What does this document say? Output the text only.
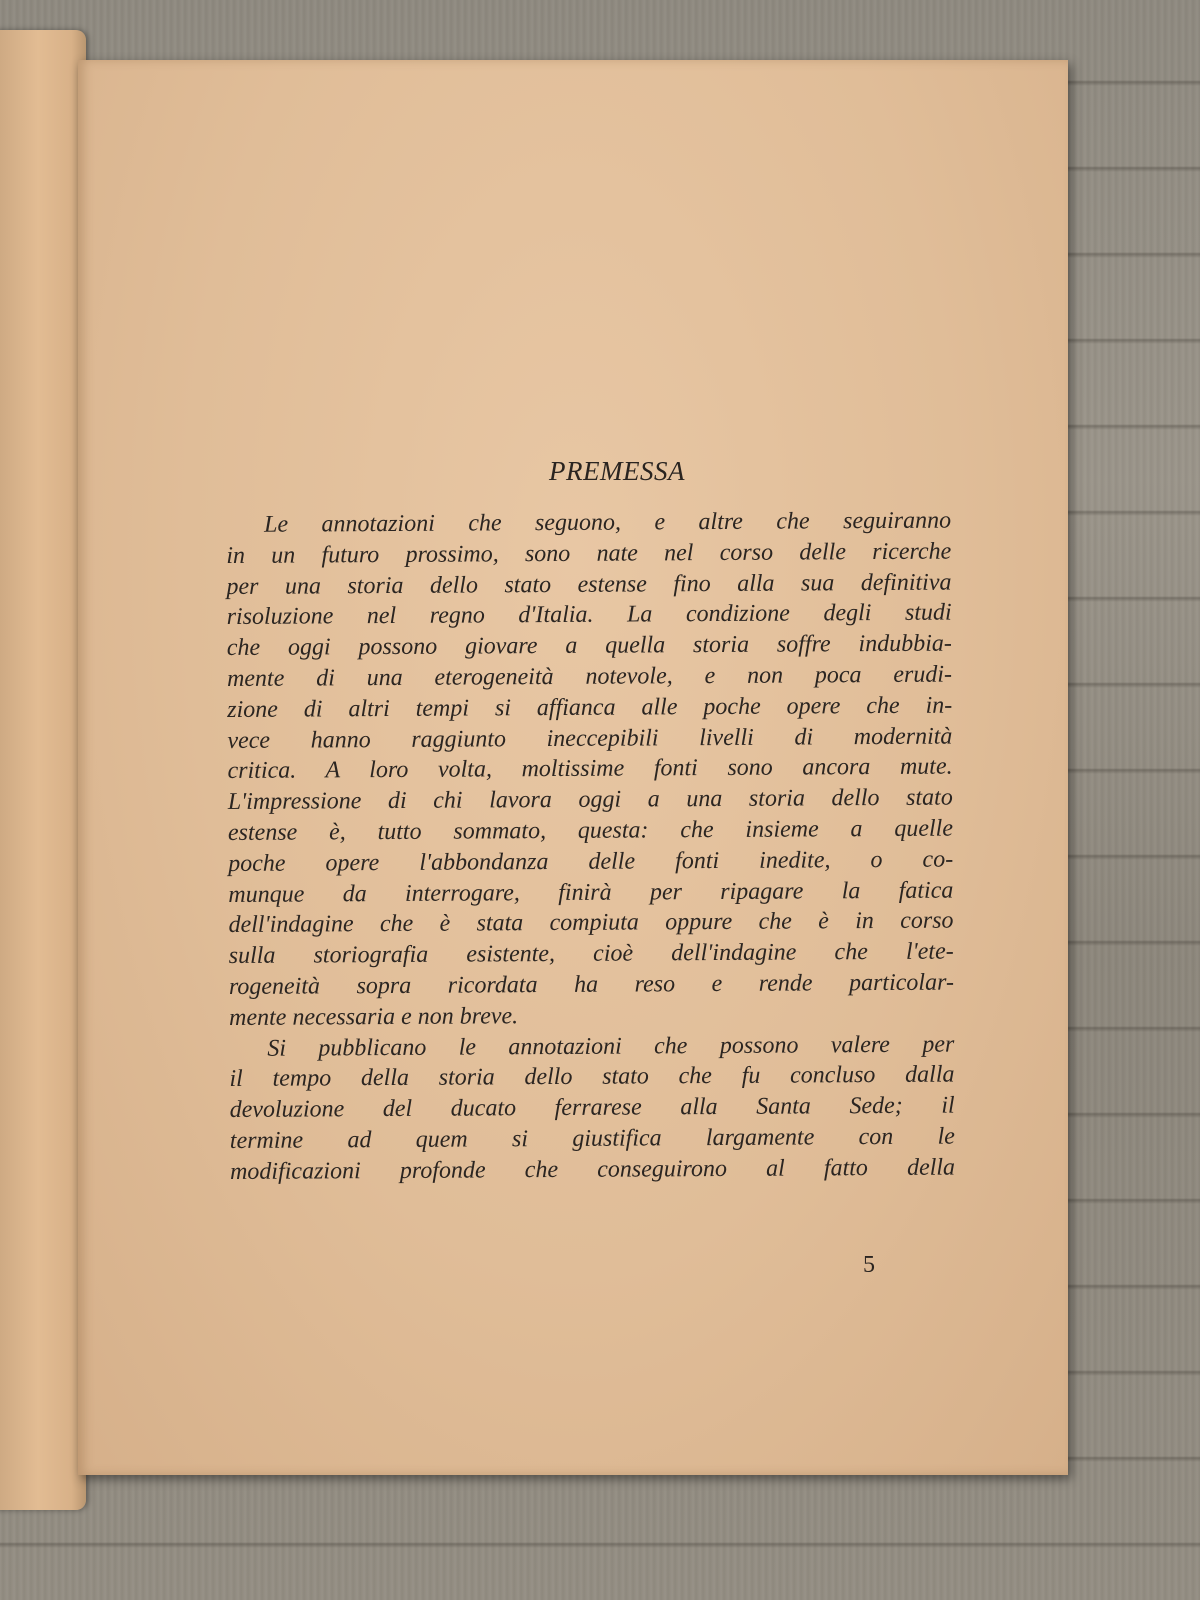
PREMESSA
Le annotazioni che seguono, e altre che seguiranno
in un futuro prossimo, sono nate nel corso delle ricerche
per una storia dello stato estense fino alla sua definitiva
risoluzione nel regno d'Italia. La condizione degli studi
che oggi possono giovare a quella storia soffre indubbia-
mente di una eterogeneità notevole, e non poca erudi-
zione di altri tempi si affianca alle poche opere che in-
vece hanno raggiunto ineccepibili livelli di modernità
critica. A loro volta, moltissime fonti sono ancora mute.
L'impressione di chi lavora oggi a una storia dello stato
estense è, tutto sommato, questa: che insieme a quelle
poche opere l'abbondanza delle fonti inedite, o co-
munque da interrogare, finirà per ripagare la fatica
dell'indagine che è stata compiuta oppure che è in corso
sulla storiografia esistente, cioè dell'indagine che l'ete-
rogeneità sopra ricordata ha reso e rende particolar-
mente necessaria e non breve.
Si pubblicano le annotazioni che possono valere per
il tempo della storia dello stato che fu concluso dalla
devoluzione del ducato ferrarese alla Santa Sede; il
termine ad quem si giustifica largamente con le
modificazioni profonde che conseguirono al fatto della
5
